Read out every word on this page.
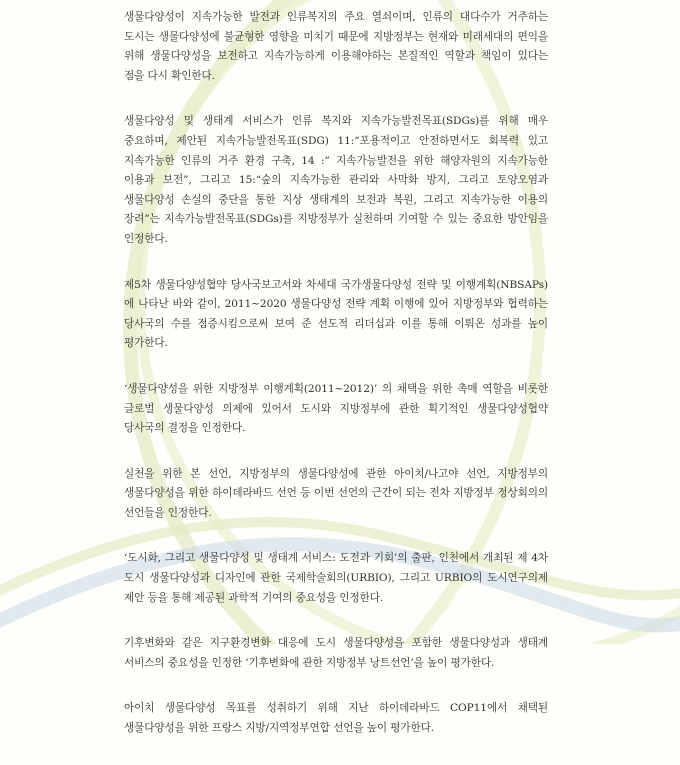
생물다양성이 지속가능한 발전과 인류복지의 주요 열쇠이며, 인류의 대다수가 거주하는 도시는 생물다양성에 불균형한 영향을 미치기 때문에 지방정부는 현재와 미래세대의 편익을 위해 생물다양성을 보전하고 지속가능하게 이용해야하는 본질적인 역할과 책임이 있다는 점을 다시 확인한다.

생물다양성 및 생태계 서비스가 인류 복지와 지속가능발전목표(SDGs)를 위해 매우 중요하며, 제안된 지속가능발전목표(SDG) 11:“포용적이고 안전하면서도 회복력 있고 지속가능한 인류의 거주 환경 구축, 14 :” 지속가능발전을 위한 해양자원의 지속가능한 이용과 보전”, 그리고 15:“숲의 지속가능한 관리와 사막화 방지, 그리고 토양오염과 생물다양성 손실의 중단을 통한 지상 생태계의 보전과 복원, 그리고 지속가능한 이용의 장려”는 지속가능발전목표(SDGs)를 지방정부가 실천하며 기여할 수 있는 중요한 방안임을 인정한다.

제5차 생물다양성협약 당사국보고서와 차세대 국가생물다양성 전략 및 이행계획(NBSAPs)에 나타난 바와 같이, 2011~2020 생물다양성 전략 계획 이행에 있어 지방정부와 협력하는 당사국의 수를 점증시킴으로써 보여 준 선도적 리더십과 이를 통해 이뤄온 성과를 높이 평가한다.

‘생물다양성을 위한 지방정부 이행계획(2011~2012)’ 의 채택을 위한 촉매 역할을 비롯한 글로벌 생물다양성 의제에 있어서 도시와 지방정부에 관한 획기적인 생물다양성협약 당사국의 결정을 인정한다.

실천을 위한 본 선언, 지방정부의 생물다양성에 관한 아이치/나고야 선언, 지방정부의 생물다양성을 위한 하이데라바드 선언 등 이번 선언의 근간이 되는 전차 지방정부 정상회의의 선언들을 인정한다.

‘도시화, 그리고 생물다양성 및 생태계 서비스: 도전과 기회’의 출판, 인천에서 개최된 제 4차 도시 생물다양성과 디자인에 관한 국제학술회의(URBIO), 그리고 URBIO의 도시연구의제 제안 등을 통해 제공된 과학적 기여의 중요성을 인정한다.

기후변화와 같은 지구환경변화 대응에 도시 생물다양성을 포함한 생물다양성과 생태계 서비스의 중요성을 인정한 ‘기후변화에 관한 지방정부 낭트선언’을 높이 평가한다.

아이치 생물다양성 목표를 성취하기 위해 지난 하이데라바드 COP11에서 채택된 생물다양성을 위한 프랑스 지방/지역정부연합 선언을 높이 평가한다.
